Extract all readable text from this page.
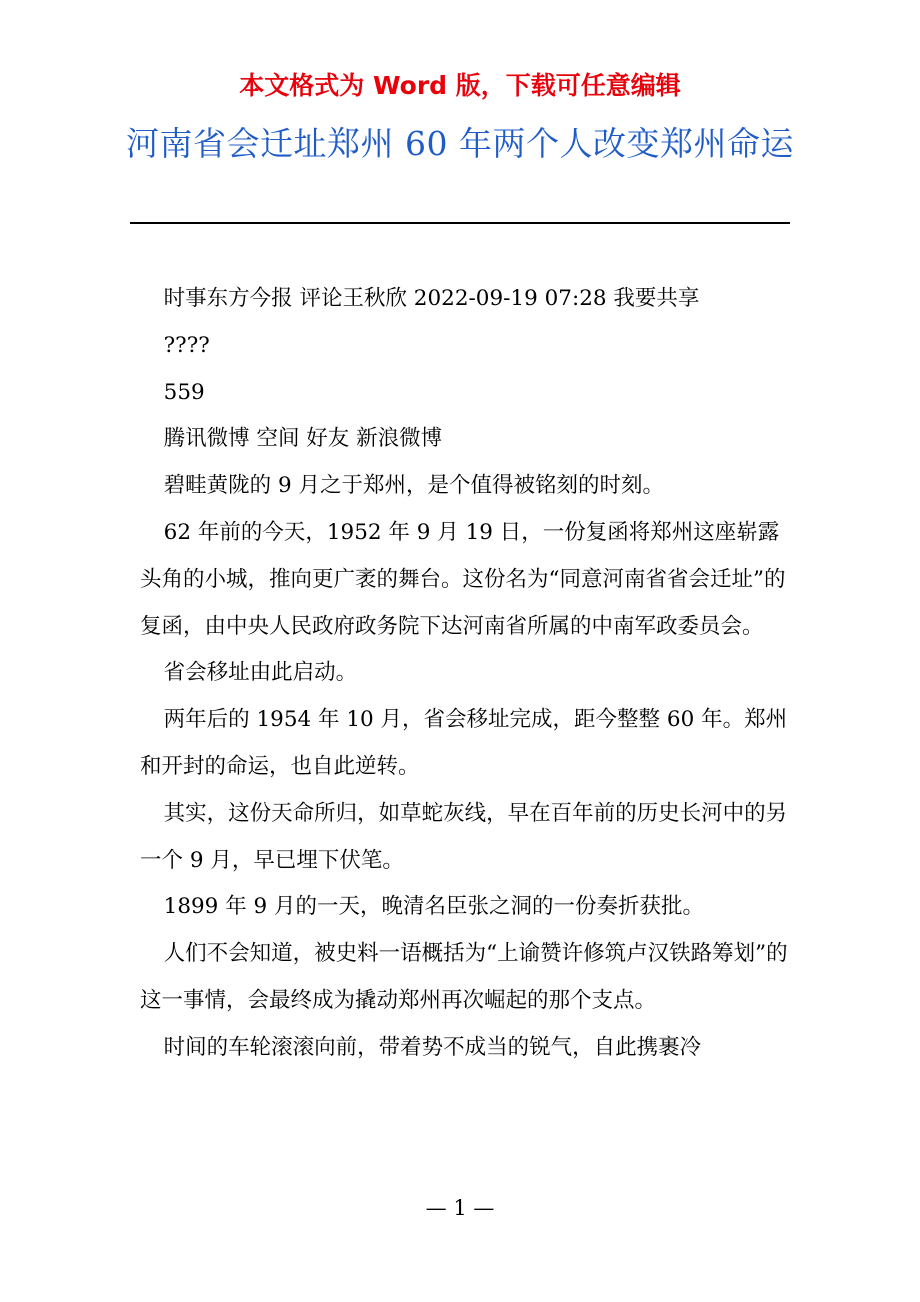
本文格式为 Word 版，下载可任意编辑
河南省会迁址郑州 60 年两个人改变郑州命运

时事东方今报 评论王秋欣 2022-09-19 07:28 我要共享

????

559

腾讯微博 空间 好友 新浪微博

碧畦黄陇的 9 月之于郑州，是个值得被铭刻的时刻。

62 年前的今天，1952 年 9 月 19 日，一份复函将郑州这座崭露头角的小城，推向更广袤的舞台。这份名为“同意河南省省会迁址”的复函，由中央人民政府政务院下达河南省所属的中南军政委员会。

省会移址由此启动。

两年后的 1954 年 10 月，省会移址完成，距今整整 60 年。郑州和开封的命运，也自此逆转。

其实，这份天命所归，如草蛇灰线，早在百年前的历史长河中的另一个 9 月，早已埋下伏笔。

1899 年 9 月的一天，晚清名臣张之洞的一份奏折获批。

人们不会知道，被史料一语概括为“上谕赞许修筑卢汉铁路筹划”的这一事情，会最终成为撬动郑州再次崛起的那个支点。

时间的车轮滚滚向前，带着势不成当的锐气，自此携裹冷

— 1 —
